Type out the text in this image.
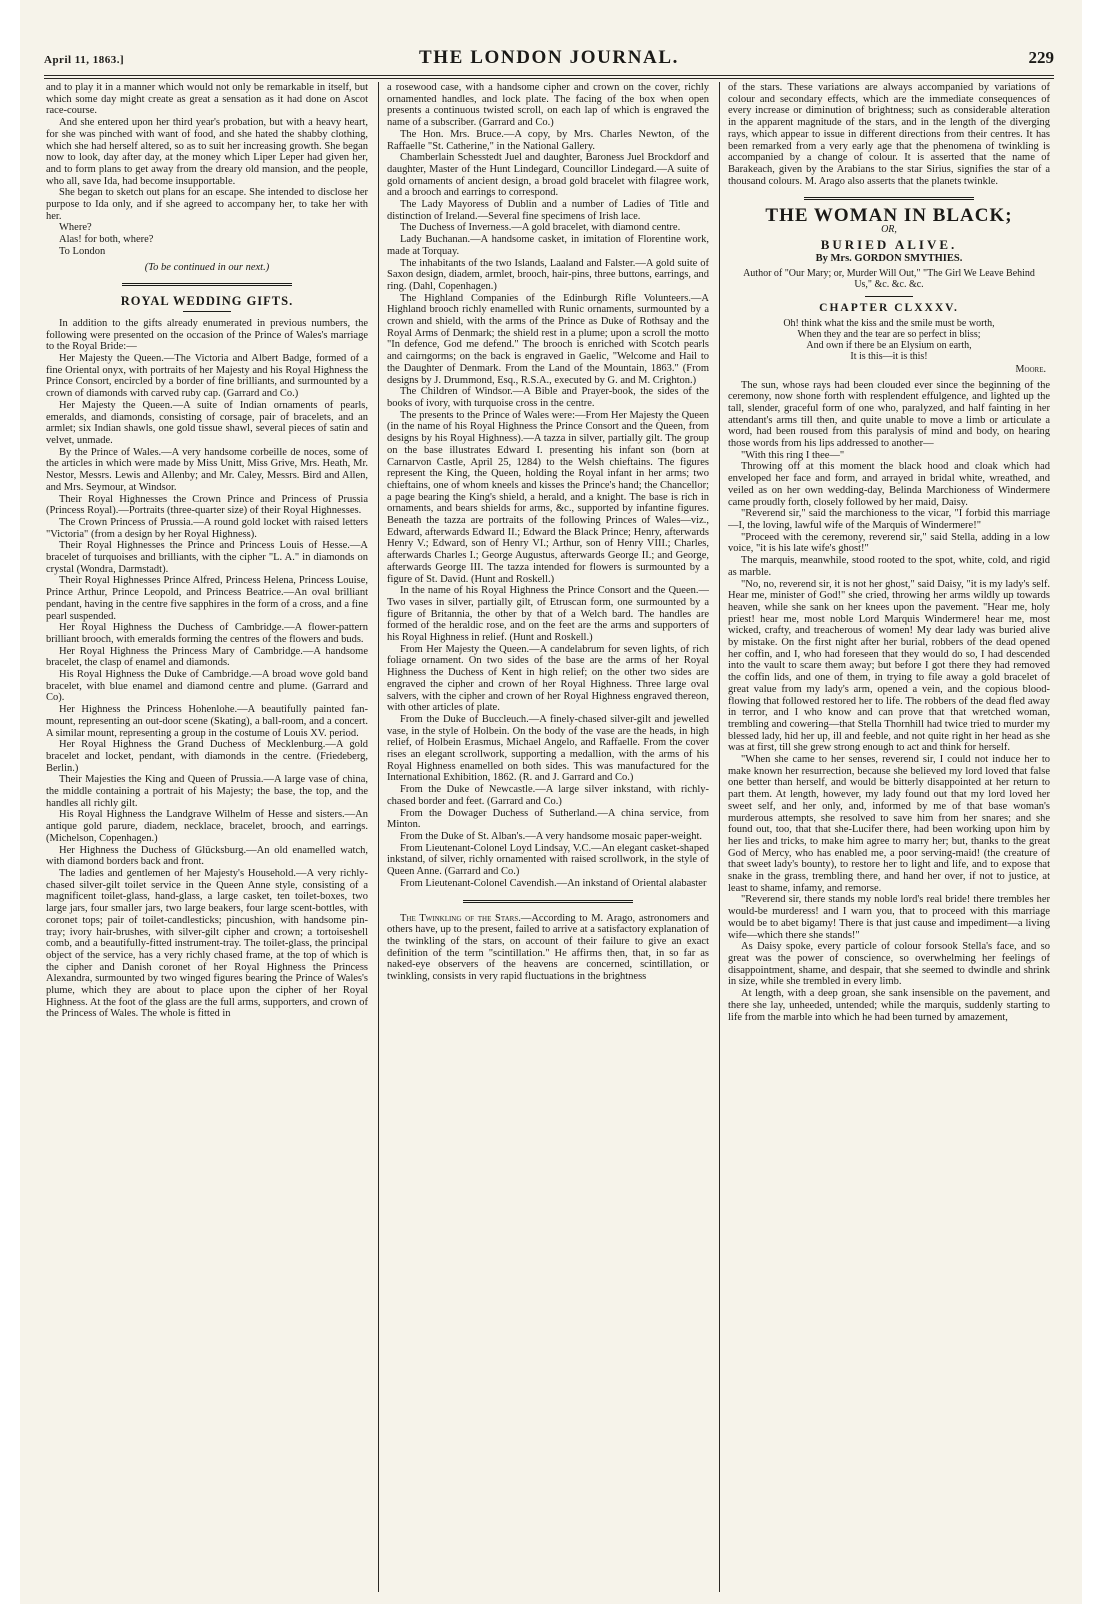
April 11, 1863.]	THE LONDON JOURNAL.	229

and to play it in a manner which would not only be remarkable in itself, but which some day might create as great a sensation as it had done on Ascot race-course.

And she entered upon her third year's probation, but with a heavy heart, for she was pinched with want of food, and she hated the shabby clothing, which she had herself altered, so as to suit her increasing growth. She began now to look, day after day, at the money which Liper Leper had given her, and to form plans to get away from the dreary old mansion, and the people, who all, save Ida, had become insupportable.

She began to sketch out plans for an escape. She intended to disclose her purpose to Ida only, and if she agreed to accompany her, to take her with her.

Where?

Alas! for both, where?

To London

(To be continued in our next.)
ROYAL WEDDING GIFTS.

In addition to the gifts already enumerated in previous numbers, the following were presented on the occasion of the Prince of Wales's marriage to the Royal Bride:—

Her Majesty the Queen.—The Victoria and Albert Badge, formed of a fine Oriental onyx, with portraits of her Majesty and his Royal Highness the Prince Consort, encircled by a border of fine brilliants, and surmounted by a crown of diamonds with carved ruby cap. (Garrard and Co.)

Her Majesty the Queen.—A suite of Indian ornaments of pearls, emeralds, and diamonds, consisting of corsage, pair of bracelets, and an armlet; six Indian shawls, one gold tissue shawl, several pieces of satin and velvet, unmade.

By the Prince of Wales.—A very handsome corbeille de noces, some of the articles in which were made by Miss Unitt, Miss Grive, Mrs. Heath, Mr. Nestor, Messrs. Lewis and Allenby; and Mr. Caley, Messrs. Bird and Allen, and Mrs. Seymour, at Windsor.

Their Royal Highnesses the Crown Prince and Princess of Prussia (Princess Royal).—Portraits (three-quarter size) of their Royal Highnesses.

The Crown Princess of Prussia.—A round gold locket with raised letters "Victoria" (from a design by her Royal Highness).

Their Royal Highnesses the Prince and Princess Louis of Hesse.—A bracelet of turquoises and brilliants, with the cipher "L. A." in diamonds on crystal (Wondra, Darmstadt).

Their Royal Highnesses Prince Alfred, Princess Helena, Princess Louise, Prince Arthur, Prince Leopold, and Princess Beatrice.—An oval brilliant pendant, having in the centre five sapphires in the form of a cross, and a fine pearl suspended.

Her Royal Highness the Duchess of Cambridge.—A flower-pattern brilliant brooch, with emeralds forming the centres of the flowers and buds.

Her Royal Highness the Princess Mary of Cambridge.—A handsome bracelet, the clasp of enamel and diamonds.

His Royal Highness the Duke of Cambridge.—A broad wove gold band bracelet, with blue enamel and diamond centre and plume. (Garrard and Co).

Her Highness the Princess Hohenlohe.—A beautifully painted fan-mount, representing an out-door scene (Skating), a ball-room, and a concert. A similar mount, representing a group in the costume of Louis XV. period.

Her Royal Highness the Grand Duchess of Mecklenburg.—A gold bracelet and locket, pendant, with diamonds in the centre. (Friedeberg, Berlin.)

Their Majesties the King and Queen of Prussia.—A large vase of china, the middle containing a portrait of his Majesty; the base, the top, and the handles all richly gilt.

His Royal Highness the Landgrave Wilhelm of Hesse and sisters.—An antique gold parure, diadem, necklace, bracelet, brooch, and earrings. (Michelson, Copenhagen.)

Her Highness the Duchess of Glücksburg.—An old enamelled watch, with diamond borders back and front.

The ladies and gentlemen of her Majesty's Household.—A very richly-chased silver-gilt toilet service in the Queen Anne style, consisting of a magnificent toilet-glass, hand-glass, a large casket, ten toilet-boxes, two large jars, four smaller jars, two large beakers, four large scent-bottles, with coronet tops; pair of toilet-candlesticks; pincushion, with handsome pin-tray; ivory hair-brushes, with silver-gilt cipher and crown; a tortoiseshell comb, and a beautifully-fitted instrument-tray. The toilet-glass, the principal object of the service, has a very richly chased frame, at the top of which is the cipher and Danish coronet of her Royal Highness the Princess Alexandra, surmounted by two winged figures bearing the Prince of Wales's plume, which they are about to place upon the cipher of her Royal Highness. At the foot of the glass are the full arms, supporters, and crown of the Princess of Wales. The whole is fitted in

a rosewood case, with a handsome cipher and crown on the cover, richly ornamented handles, and lock plate. The facing of the box when open presents a continuous twisted scroll, on each lap of which is engraved the name of a subscriber. (Garrard and Co.)

The Hon. Mrs. Bruce.—A copy, by Mrs. Charles Newton, of the Raffaelle "St. Catherine," in the National Gallery.

Chamberlain Schesstedt Juel and daughter, Baroness Juel Brockdorf and daughter, Master of the Hunt Lindegard, Councillor Lindegard.—A suite of gold ornaments of ancient design, a broad gold bracelet with filagree work, and a brooch and earrings to correspond.

The Lady Mayoress of Dublin and a number of Ladies of Title and distinction of Ireland.—Several fine specimens of Irish lace.

The Duchess of Inverness.—A gold bracelet, with diamond centre.

Lady Buchanan.—A handsome casket, in imitation of Florentine work, made at Torquay.

The inhabitants of the two Islands, Laaland and Falster.—A gold suite of Saxon design, diadem, armlet, brooch, hair-pins, three buttons, earrings, and ring. (Dahl, Copenhagen.)

The Highland Companies of the Edinburgh Rifle Volunteers.—A Highland brooch richly enamelled with Runic ornaments, surmounted by a crown and shield, with the arms of the Prince as Duke of Rothsay and the Royal Arms of Denmark; the shield rest in a plume; upon a scroll the motto "In defence, God me defend." The brooch is enriched with Scotch pearls and cairngorms; on the back is engraved in Gaelic, "Welcome and Hail to the Daughter of Denmark. From the Land of the Mountain, 1863." (From designs by J. Drummond, Esq., R.S.A., executed by G. and M. Crighton.)

The Children of Windsor.—A Bible and Prayer-book, the sides of the books of ivory, with turquoise cross in the centre.

The presents to the Prince of Wales were:—From Her Majesty the Queen (in the name of his Royal Highness the Prince Consort and the Queen, from designs by his Royal Highness).—A tazza in silver, partially gilt. The group on the base illustrates Edward I. presenting his infant son (born at Carnarvon Castle, April 25, 1284) to the Welsh chieftains. The figures represent the King, the Queen, holding the Royal infant in her arms; two chieftains, one of whom kneels and kisses the Prince's hand; the Chancellor; a page bearing the King's shield, a herald, and a knight. The base is rich in ornaments, and bears shields for arms, &c., supported by infantine figures. Beneath the tazza are portraits of the following Princes of Wales—viz., Edward, afterwards Edward II.; Edward the Black Prince; Henry, afterwards Henry V.; Edward, son of Henry VI.; Arthur, son of Henry VIII.; Charles, afterwards Charles I.; George Augustus, afterwards George II.; and George, afterwards George III. The tazza intended for flowers is surmounted by a figure of St. David. (Hunt and Roskell.)

In the name of his Royal Highness the Prince Consort and the Queen.—Two vases in silver, partially gilt, of Etruscan form, one surmounted by a figure of Britannia, the other by that of a Welch bard. The handles are formed of the heraldic rose, and on the feet are the arms and supporters of his Royal Highness in relief. (Hunt and Roskell.)

From Her Majesty the Queen.—A candelabrum for seven lights, of rich foliage ornament. On two sides of the base are the arms of her Royal Highness the Duchess of Kent in high relief; on the other two sides are engraved the cipher and crown of her Royal Highness. Three large oval salvers, with the cipher and crown of her Royal Highness engraved thereon, with other articles of plate.

From the Duke of Buccleuch.—A finely-chased silver-gilt and jewelled vase, in the style of Holbein. On the body of the vase are the heads, in high relief, of Holbein Erasmus, Michael Angelo, and Raffaelle. From the cover rises an elegant scrollwork, supporting a medallion, with the arms of his Royal Highness enamelled on both sides. This was manufactured for the International Exhibition, 1862. (R. and J. Garrard and Co.)

From the Duke of Newcastle.—A large silver inkstand, with richly-chased border and feet. (Garrard and Co.)

From the Dowager Duchess of Sutherland.—A china service, from Minton.

From the Duke of St. Alban's.—A very handsome mosaic paper-weight.

From Lieutenant-Colonel Loyd Lindsay, V.C.—An elegant casket-shaped inkstand, of silver, richly ornamented with raised scrollwork, in the style of Queen Anne. (Garrard and Co.)

From Lieutenant-Colonel Cavendish.—An inkstand of Oriental alabaster

The Twinkling of the Stars.—According to M. Arago, astronomers and others have, up to the present, failed to arrive at a satisfactory explanation of the twinkling of the stars, on account of their failure to give an exact definition of the term "scintillation." He affirms then, that, in so far as naked-eye observers of the heavens are concerned, scintillation, or twinkling, consists in very rapid fluctuations in the brightness

of the stars. These variations are always accompanied by variations of colour and secondary effects, which are the immediate consequences of every increase or diminution of brightness; such as considerable alteration in the apparent magnitude of the stars, and in the length of the diverging rays, which appear to issue in different directions from their centres. It has been remarked from a very early age that the phenomena of twinkling is accompanied by a change of colour. It is asserted that the name of Barakeach, given by the Arabians to the star Sirius, signifies the star of a thousand colours. M. Arago also asserts that the planets twinkle.

THE WOMAN IN BLACK;
OR,
BURIED ALIVE.
By Mrs. GORDON SMYTHIES.
Author of "Our Mary; or, Murder Will Out," "The Girl We Leave Behind Us," &c. &c. &c.
CHAPTER CLXXXV.
Oh! think what the kiss and the smile must be worth,
When they and the tear are so perfect in bliss;
And own if there be an Elysium on earth,
It is this—it is this!
Moore.

The sun, whose rays had been clouded ever since the beginning of the ceremony, now shone forth with resplendent effulgence, and lighted up the tall, slender, graceful form of one who, paralyzed, and half fainting in her attendant's arms till then, and quite unable to move a limb or articulate a word, had been roused from this paralysis of mind and body, on hearing those words from his lips addressed to another—

"With this ring I thee—"

Throwing off at this moment the black hood and cloak which had enveloped her face and form, and arrayed in bridal white, wreathed, and veiled as on her own wedding-day, Belinda Marchioness of Windermere came proudly forth, closely followed by her maid, Daisy.

"Reverend sir," said the marchioness to the vicar, "I forbid this marriage—I, the loving, lawful wife of the Marquis of Windermere!"

"Proceed with the ceremony, reverend sir," said Stella, adding in a low voice, "it is his late wife's ghost!"

The marquis, meanwhile, stood rooted to the spot, white, cold, and rigid as marble.

"No, no, reverend sir, it is not her ghost," said Daisy, "it is my lady's self. Hear me, minister of God!" she cried, throwing her arms wildly up towards heaven, while she sank on her knees upon the pavement. "Hear me, holy priest! hear me, most noble Lord Marquis Windermere! hear me, most wicked, crafty, and treacherous of women! My dear lady was buried alive by mistake. On the first night after her burial, robbers of the dead opened her coffin, and I, who had foreseen that they would do so, I had descended into the vault to scare them away; but before I got there they had removed the coffin lids, and one of them, in trying to file away a gold bracelet of great value from my lady's arm, opened a vein, and the copious blood-flowing that followed restored her to life. The robbers of the dead fled away in terror, and I who know and can prove that that wretched woman, trembling and cowering—that Stella Thornhill had twice tried to murder my blessed lady, hid her up, ill and feeble, and not quite right in her head as she was at first, till she grew strong enough to act and think for herself.

"When she came to her senses, reverend sir, I could not induce her to make known her resurrection, because she believed my lord loved that false one better than herself, and would be bitterly disappointed at her return to part them. At length, however, my lady found out that my lord loved her sweet self, and her only, and, informed by me of that base woman's murderous attempts, she resolved to save him from her snares; and she found out, too, that that she-Lucifer there, had been working upon him by her lies and tricks, to make him agree to marry her; but, thanks to the great God of Mercy, who has enabled me, a poor serving-maid! (the creature of that sweet lady's bounty), to restore her to light and life, and to expose that snake in the grass, trembling there, and hand her over, if not to justice, at least to shame, infamy, and remorse.

"Reverend sir, there stands my noble lord's real bride! there trembles her would-be murderess! and I warn you, that to proceed with this marriage would be to abet bigamy! There is that just cause and impediment—a living wife—which there she stands!"

As Daisy spoke, every particle of colour forsook Stella's face, and so great was the power of conscience, so overwhelming her feelings of disappointment, shame, and despair, that she seemed to dwindle and shrink in size, while she trembled in every limb.

At length, with a deep groan, she sank insensible on the pavement, and there she lay, unheeded, untended; while the marquis, suddenly starting to life from the marble into which he had been turned by amazement,
